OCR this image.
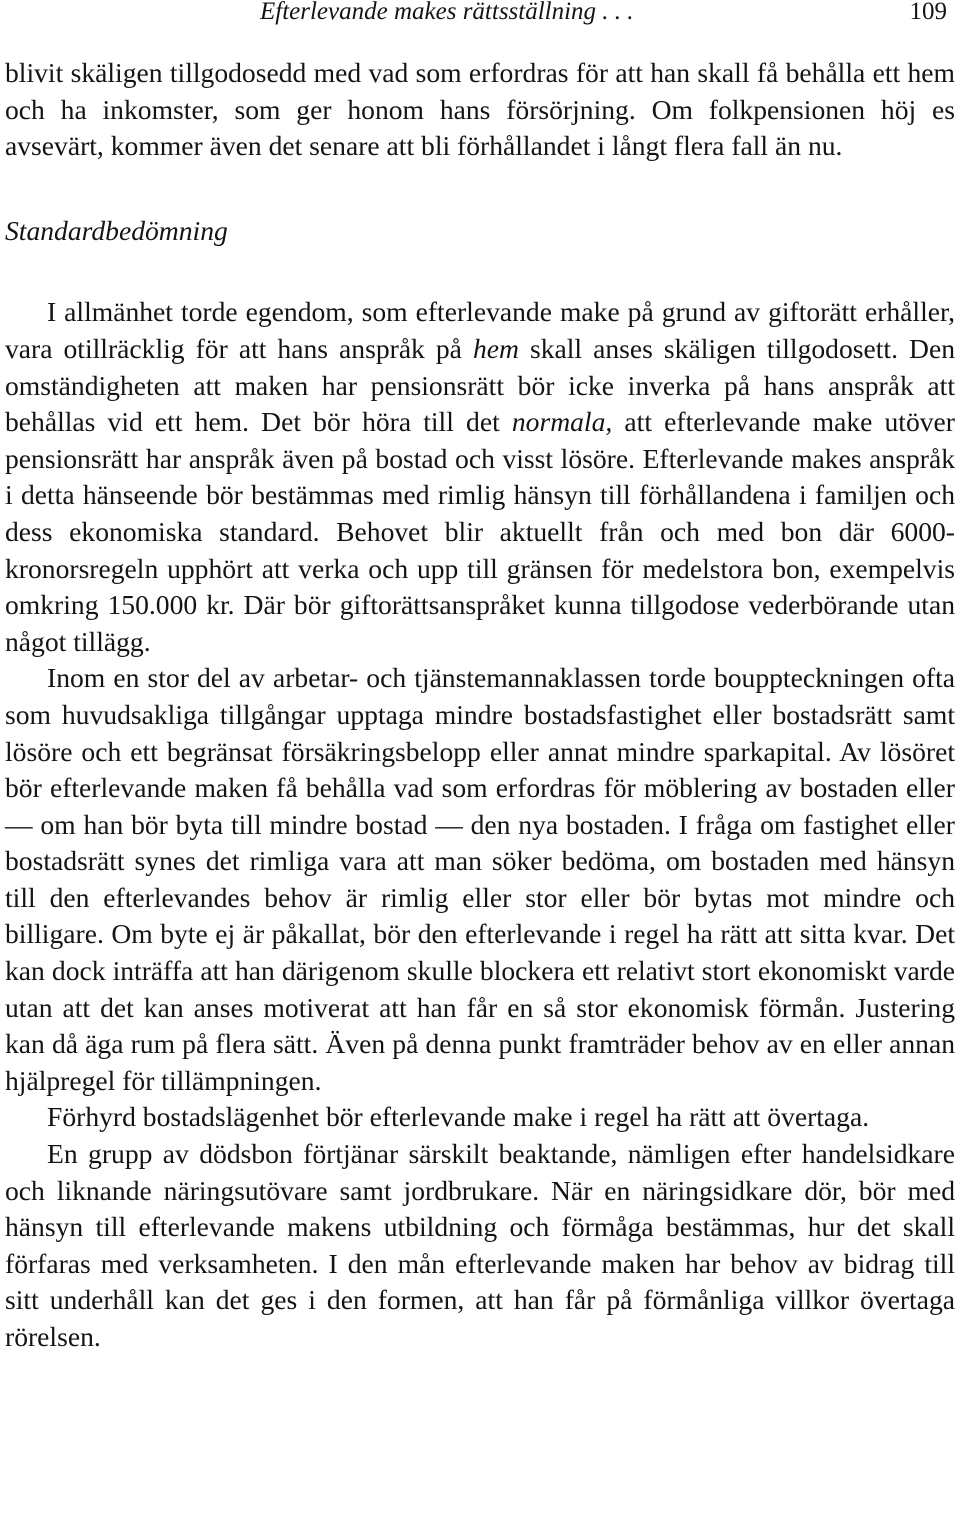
Efterlevande makes rättsställning . . .	109

blivit skäligen tillgodosedd med vad som erfordras för att han skall få behålla ett hem och ha inkomster, som ger honom hans försörjning. Om folkpensionen höj es avsevärt, kommer även det senare att bli förhållandet i långt flera fall än nu.

Standardbedömning

I allmänhet torde egendom, som efterlevande make på grund av giftorätt erhåller, vara otillräcklig för att hans anspråk på hem skall anses skäligen tillgodosett. Den omständigheten att maken har pensionsrätt bör icke inverka på hans anspråk att behållas vid ett hem. Det bör höra till det normala, att efterlevande make utöver pensionsrätt har anspråk även på bostad och visst lösöre. Efterlevande makes anspråk i detta hänseende bör bestämmas med rimlig hänsyn till förhållandena i familjen och dess ekonomiska standard. Behovet blir aktuellt från och med bon där 6000-kronorsregeln upphört att verka och upp till gränsen för medelstora bon, exempelvis omkring 150.000 kr. Där bör giftorättsanspråket kunna tillgodose vederbörande utan något tillägg.

Inom en stor del av arbetar- och tjänstemannaklassen torde bouppteckningen ofta som huvudsakliga tillgångar upptaga mindre bostadsfastighet eller bostadsrätt samt lösöre och ett begränsat försäkringsbelopp eller annat mindre sparkapital. Av lösöret bör efterlevande maken få behålla vad som erfordras för möblering av bostaden eller — om han bör byta till mindre bostad — den nya bostaden. I fråga om fastighet eller bostadsrätt synes det rimliga vara att man söker bedöma, om bostaden med hänsyn till den efterlevandes behov är rimlig eller stor eller bör bytas mot mindre och billigare. Om byte ej är påkallat, bör den efterlevande i regel ha rätt att sitta kvar. Det kan dock inträffa att han därigenom skulle blockera ett relativt stort ekonomiskt varde utan att det kan anses motiverat att han får en så stor ekonomisk förmån. Justering kan då äga rum på flera sätt. Även på denna punkt framträder behov av en eller annan hjälpregel för tillämpningen.

Förhyrd bostadslägenhet bör efterlevande make i regel ha rätt att övertaga.

En grupp av dödsbon förtjänar särskilt beaktande, nämligen efter handelsidkare och liknande näringsutövare samt jordbrukare. När en näringsidkare dör, bör med hänsyn till efterlevande makens utbildning och förmåga bestämmas, hur det skall förfaras med verksamheten. I den mån efterlevande maken har behov av bidrag till sitt underhåll kan det ges i den formen, att han får på förmånliga villkor övertaga rörelsen.
